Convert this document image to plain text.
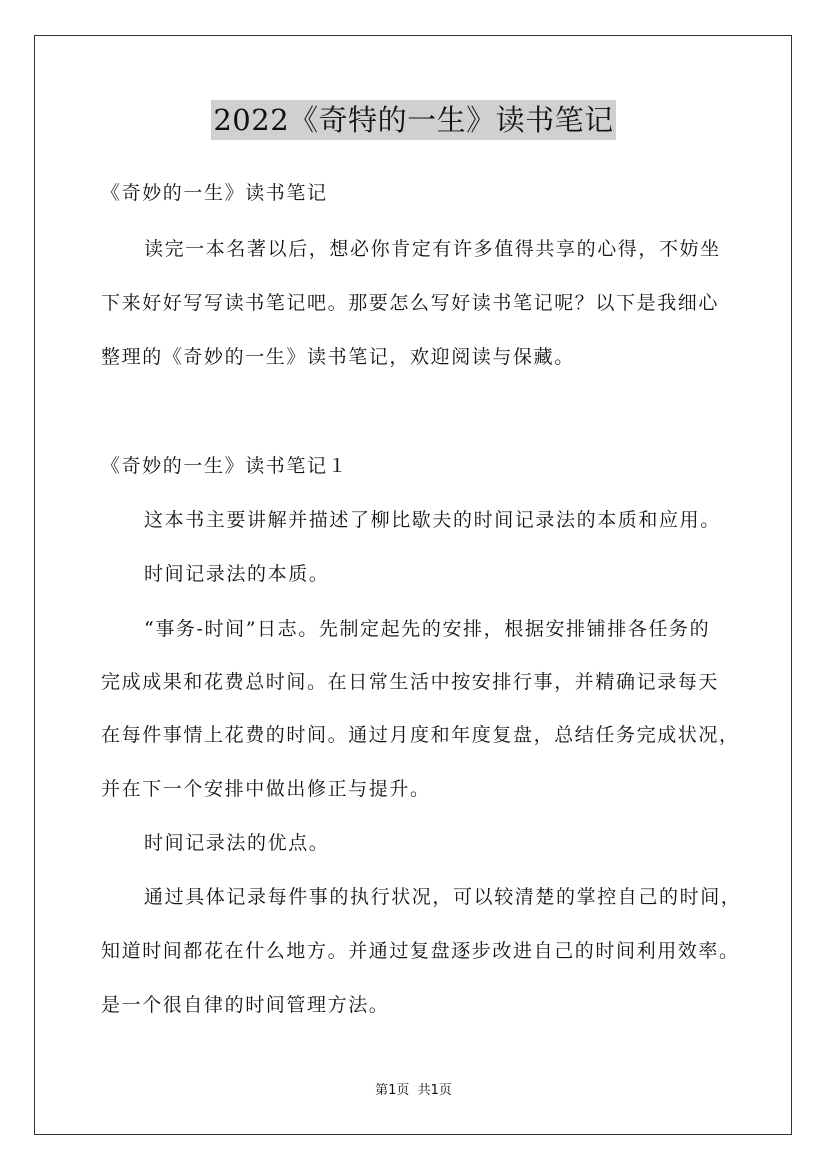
2022《奇特的一生》读书笔记
《奇妙的一生》读书笔记
读完一本名著以后，想必你肯定有许多值得共享的心得，不妨坐
下来好好写写读书笔记吧。那要怎么写好读书笔记呢？以下是我细心
整理的《奇妙的一生》读书笔记，欢迎阅读与保藏。
《奇妙的一生》读书笔记１
这本书主要讲解并描述了柳比歇夫的时间记录法的本质和应用。
时间记录法的本质。
“事务-时间”日志。先制定起先的安排，根据安排铺排各任务的
完成成果和花费总时间。在日常生活中按安排行事，并精确记录每天
在每件事情上花费的时间。通过月度和年度复盘，总结任务完成状况，
并在下一个安排中做出修正与提升。
时间记录法的优点。
通过具体记录每件事的执行状况，可以较清楚的掌控自己的时间，
知道时间都花在什么地方。并通过复盘逐步改进自己的时间利用效率。
是一个很自律的时间管理方法。
第1页  共1页
